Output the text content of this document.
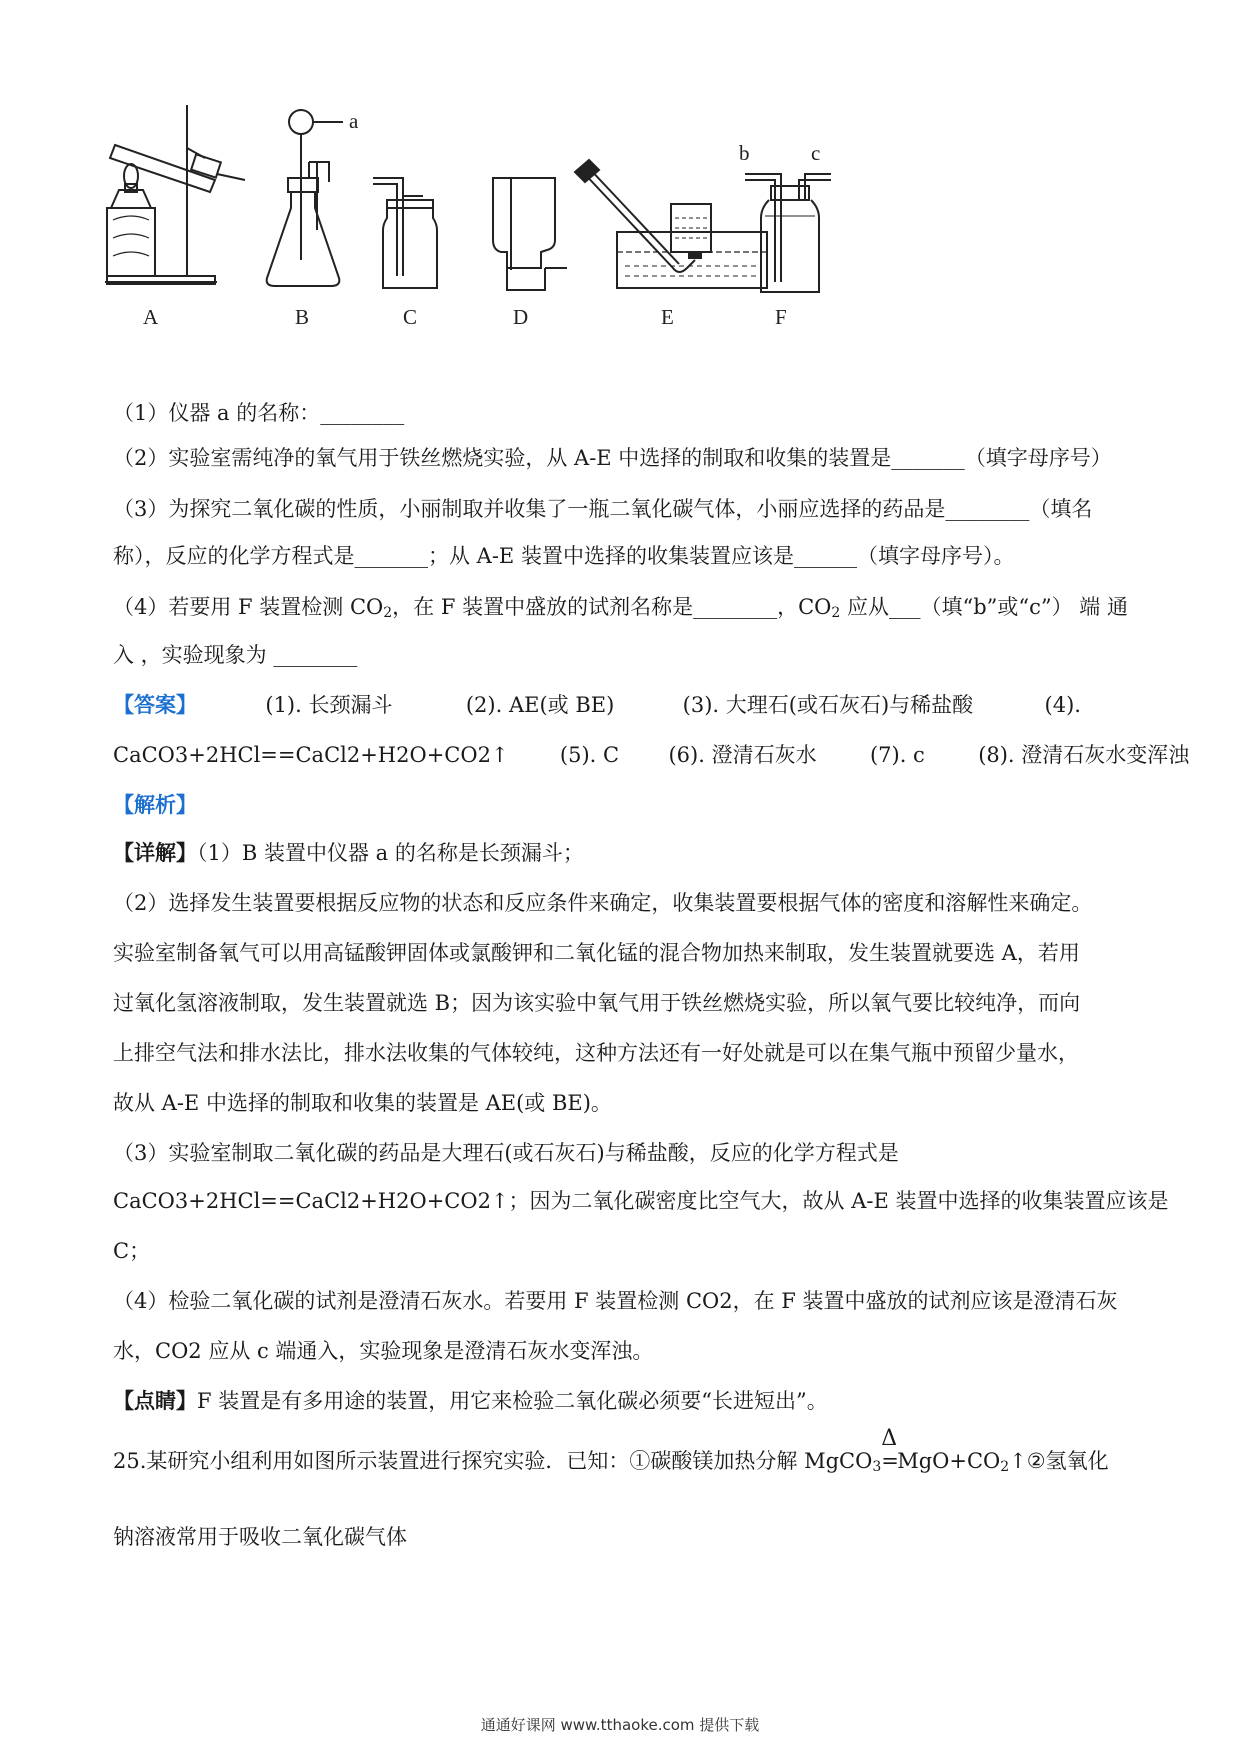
A	B	C	D	E	F
a
b	c
（1）仪器 a 的名称：________
（2）实验室需纯净的氧气用于铁丝燃烧实验，从 A-E 中选择的制取和收集的装置是_______（填字母序号）
（3）为探究二氧化碳的性质，小丽制取并收集了一瓶二氧化碳气体，小丽应选择的药品是________（填名
称），反应的化学方程式是_______；从 A-E 装置中选择的收集装置应该是______（填字母序号）。
（4）若要用 F 装置检测 $CO_2$，在 F 装置中盛放的试剂名称是________，$CO_2$ 应从___（填“b”或“c”） 端 通
入 ，实验现象为 ________
【答案】	(1). 长颈漏斗	(2). AE(或 BE)	(3). 大理石(或石灰石)与稀盐酸	(4).
CaCO3+2HCl==CaCl2+H2O+CO2↑ (5). C (6). 澄清石灰水	(7). c	(8). 澄清石灰水变浑浊
【解析】
【详解】（1）B 装置中仪器 a 的名称是长颈漏斗；
（2）选择发生装置要根据反应物的状态和反应条件来确定，收集装置要根据气体的密度和溶解性来确定。
实验室制备氧气可以用高锰酸钾固体或氯酸钾和二氧化锰的混合物加热来制取，发生装置就要选 A，若用
过氧化氢溶液制取，发生装置就选 B；因为该实验中氧气用于铁丝燃烧实验，所以氧气要比较纯净，而向
上排空气法和排水法比，排水法收集的气体较纯，这种方法还有一好处就是可以在集气瓶中预留少量水，
故从 A-E 中选择的制取和收集的装置是 AE(或 BE)。
（3）实验室制取二氧化碳的药品是大理石(或石灰石)与稀盐酸，反应的化学方程式是
CaCO3+2HCl==CaCl2+H2O+CO2↑；因为二氧化碳密度比空气大，故从 A-E 装置中选择的收集装置应该是
C；
（4）检验二氧化碳的试剂是澄清石灰水。若要用 F 装置检测 CO2，在 F 装置中盛放的试剂应该是澄清石灰
水，CO2 应从 c 端通入，实验现象是澄清石灰水变浑浊。
【点睛】F 装置是有多用途的装置，用它来检验二氧化碳必须要“长进短出”。
25.某研究小组利用如图所示装置进行探究实验．已知：①碳酸镁加热分解 MgCO$_3$
Δ
$=MgO+CO_2↑②$氢氧化
钠溶液常用于吸收二氧化碳气体
通通好课网 www.tthaoke.com 提供下载
